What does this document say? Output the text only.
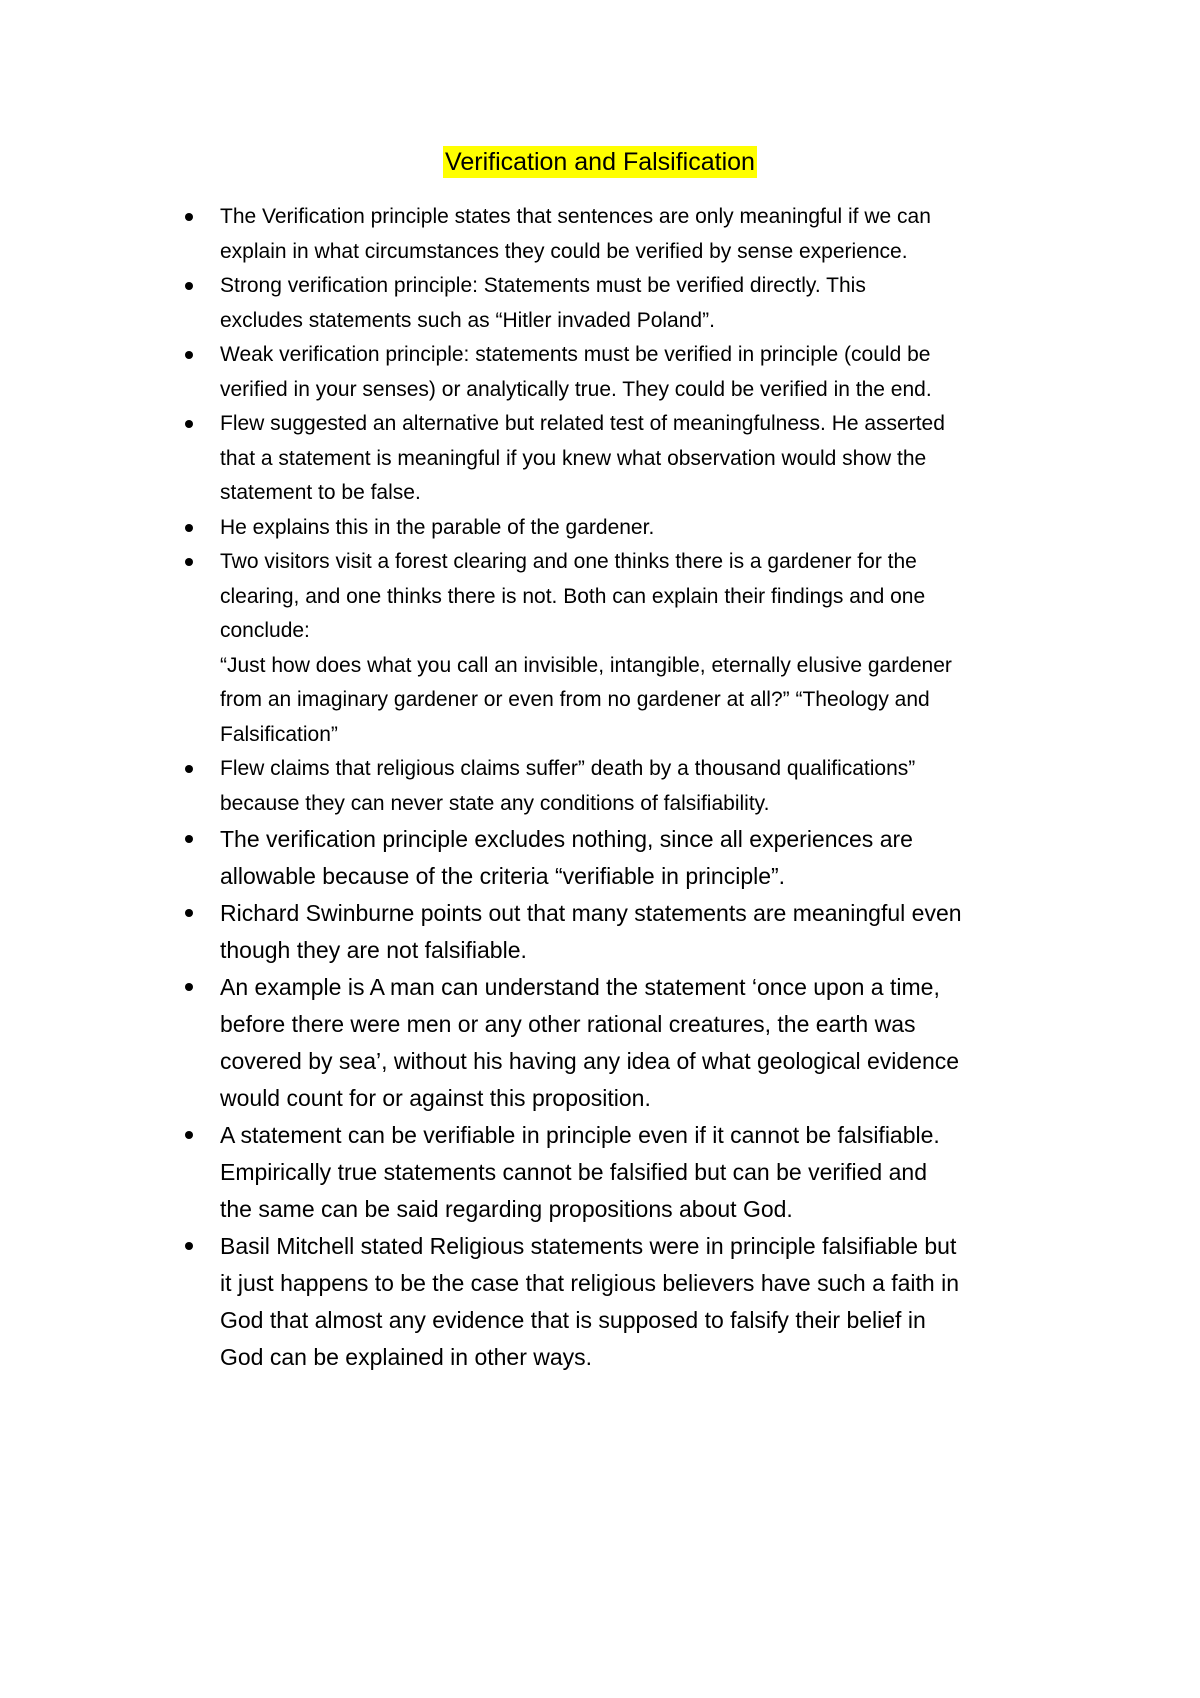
Verification and Falsification
The Verification principle states that sentences are only meaningful if we can
explain in what circumstances they could be verified by sense experience.
Strong verification principle: Statements must be verified directly. This
excludes statements such as “Hitler invaded Poland”.
Weak verification principle: statements must be verified in principle (could be
verified in your senses) or analytically true. They could be verified in the end.
Flew suggested an alternative but related test of meaningfulness. He asserted
that a statement is meaningful if you knew what observation would show the
statement to be false.
He explains this in the parable of the gardener.
Two visitors visit a forest clearing and one thinks there is a gardener for the
clearing, and one thinks there is not. Both can explain their findings and one
conclude:
“Just how does what you call an invisible, intangible, eternally elusive gardener
from an imaginary gardener or even from no gardener at all?” “Theology and
Falsification”
Flew claims that religious claims suffer” death by a thousand qualifications”
because they can never state any conditions of falsifiability.
The verification principle excludes nothing, since all experiences are
allowable because of the criteria “verifiable in principle”.
Richard Swinburne points out that many statements are meaningful even
though they are not falsifiable.
An example is A man can understand the statement ‘once upon a time,
before there were men or any other rational creatures, the earth was
covered by sea’, without his having any idea of what geological evidence
would count for or against this proposition.
A statement can be verifiable in principle even if it cannot be falsifiable.
Empirically true statements cannot be falsified but can be verified and
the same can be said regarding propositions about God.
Basil Mitchell stated Religious statements were in principle falsifiable but
it just happens to be the case that religious believers have such a faith in
God that almost any evidence that is supposed to falsify their belief in
God can be explained in other ways.
